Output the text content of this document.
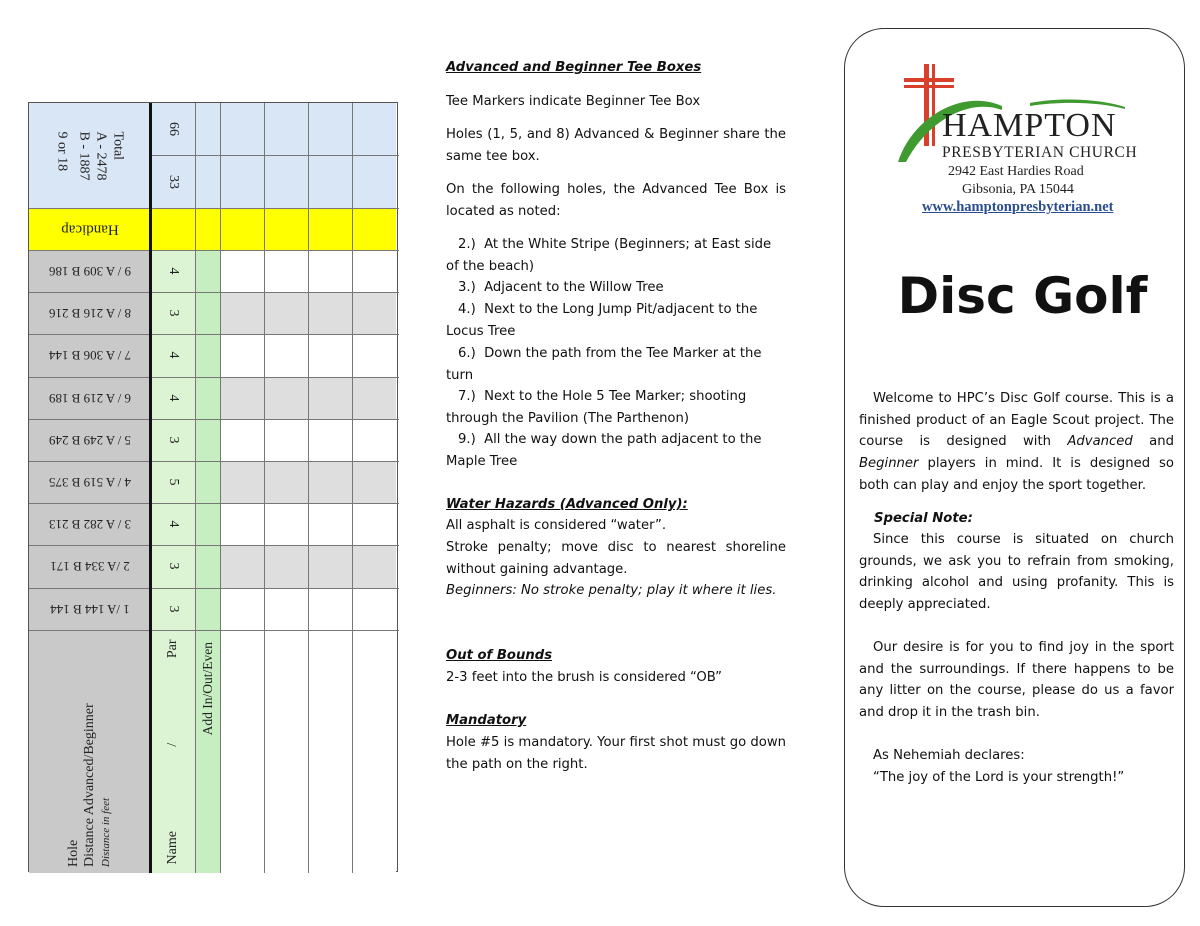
Total
A - 2478
B - 1887
9 or 18
Handicap
1 /A 144 B 144
2 /A 334 B 171
3 / A 282 B 213
4 / A 519 B 375
5 / A 249 B 249
6 / A 219 B 189
7 / A 306 B 144
8 / A 216 B 216
9 / A 309 B 186
Hole Distance Advanced/Beginner Distance in feet
66
33
3
3
4
5
3
4
4
3
4
Name
/
Par Add In/Out/Even

Advanced and Beginner Tee Boxes

Tee Markers indicate Beginner Tee Box

Holes (1, 5, and 8) Advanced & Beginner share the same tee box.

On the following holes, the Advanced Tee Box is located as noted:

2.) At the White Stripe (Beginners; at East side of the beach)

3.) Adjacent to the Willow Tree

4.) Next to the Long Jump Pit/adjacent to the Locus Tree

6.) Down the path from the Tee Marker at the turn

7.) Next to the Hole 5 Tee Marker; shooting through the Pavilion (The Parthenon)

9.) All the way down the path adjacent to the Maple Tree

Water Hazards (Advanced Only):

All asphalt is considered “water”.

Stroke penalty; move disc to nearest shoreline without gaining advantage.

Beginners: No stroke penalty; play it where it lies.

Out of Bounds

2-3 feet into the brush is considered “OB”

Mandatory

Hole #5 is mandatory. Your first shot must go down the path on the right.

HAMPTON
PRESBYTERIAN CHURCH
2942 East Hardies Road
Gibsonia, PA 15044
www.hamptonpresbyterian.net
Disc Golf

Welcome to HPC’s Disc Golf course. This is a finished product of an Eagle Scout project. The course is designed with Advanced and Beginner players in mind. It is designed so both can play and enjoy the sport together.

Special Note:

Since this course is situated on church grounds, we ask you to refrain from smoking, drinking alcohol and using profanity. This is deeply appreciated.

Our desire is for you to find joy in the sport and the surroundings. If there happens to be any litter on the course, please do us a favor and drop it in the trash bin.

As Nehemiah declares:

“The joy of the Lord is your strength!”
